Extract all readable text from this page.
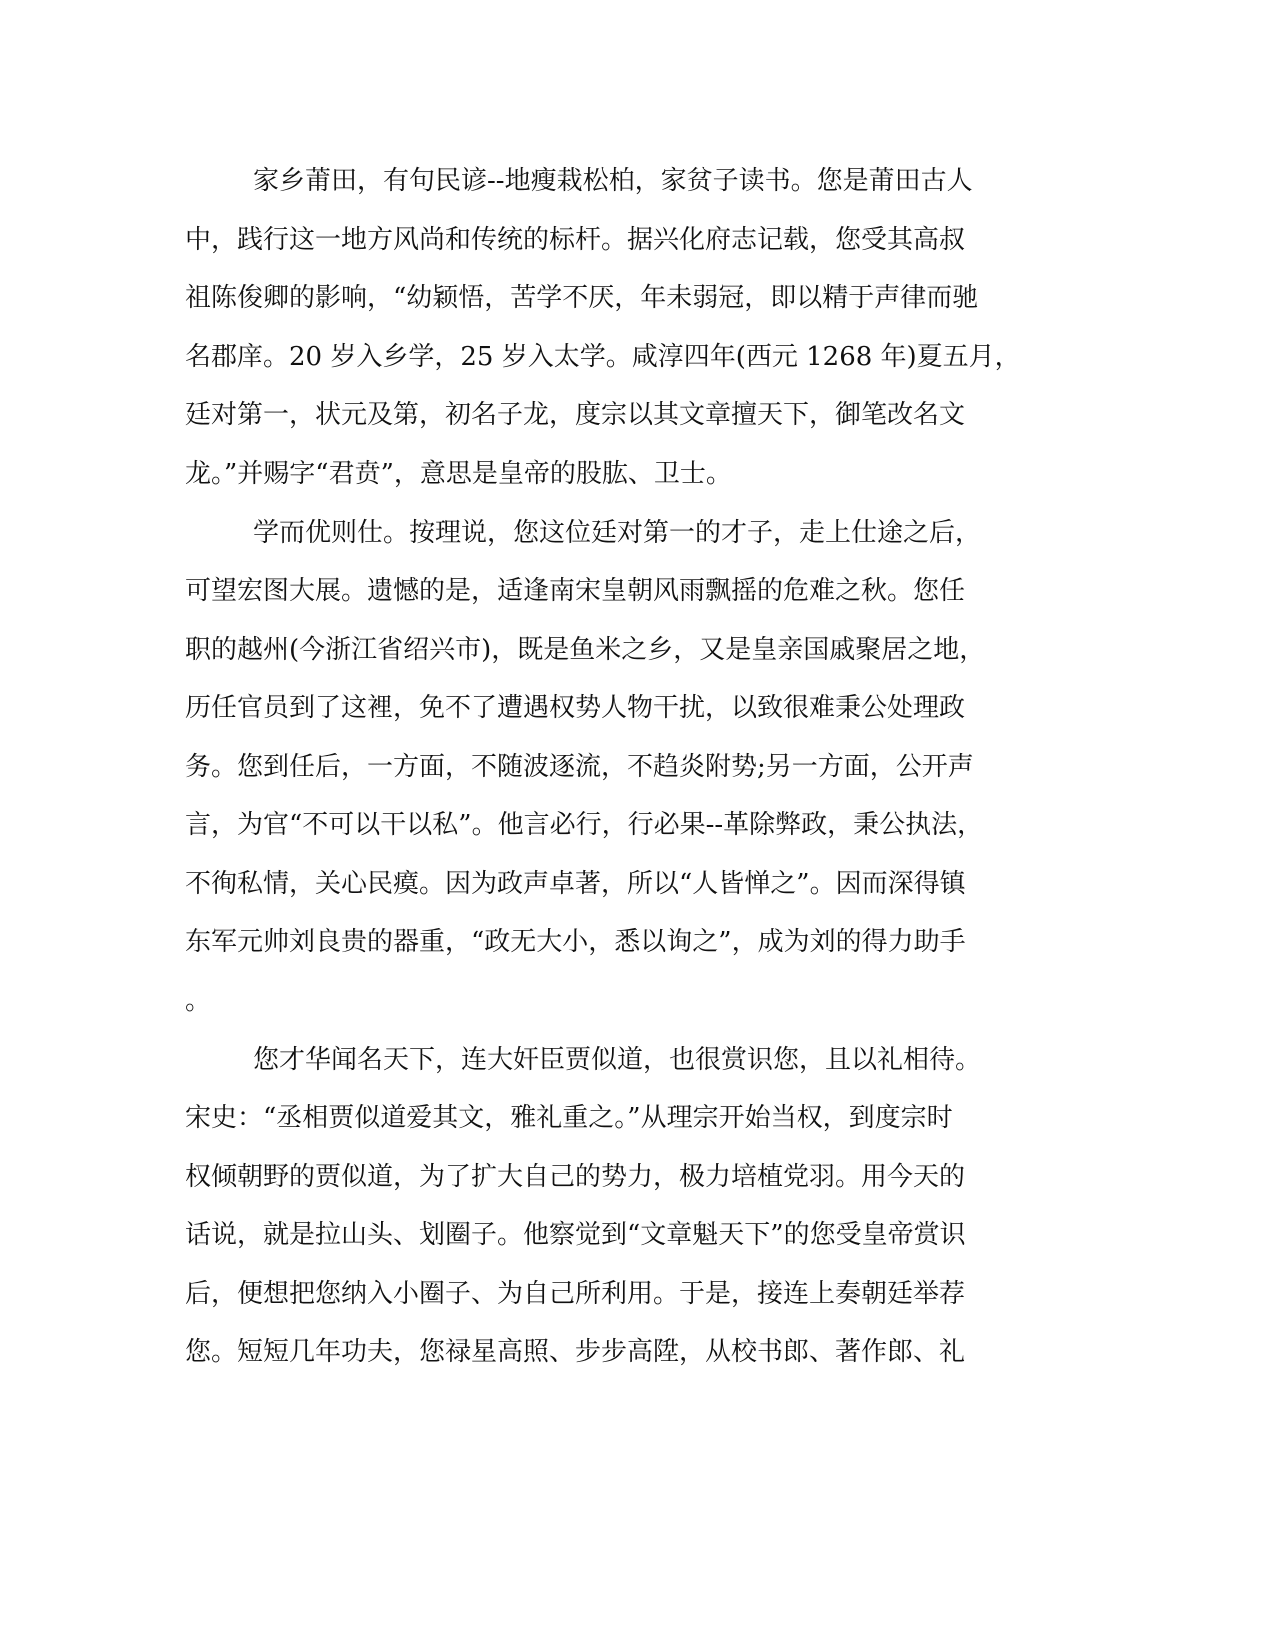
家乡莆田，有句民谚--地瘦栽松柏，家贫子读书。您是莆田古人
中，践行这一地方风尚和传统的标杆。据兴化府志记载，您受其高叔
祖陈俊卿的影响，“幼颖悟，苦学不厌，年未弱冠，即以精于声律而驰
名郡庠。20 岁入乡学，25 岁入太学。咸淳四年(西元 1268 年)夏五月，
廷对第一，状元及第，初名子龙，度宗以其文章擅天下，御笔改名文
龙。”并赐字“君贲”，意思是皇帝的股肱、卫士。
学而优则仕。按理说，您这位廷对第一的才子，走上仕途之后，
可望宏图大展。遗憾的是，适逢南宋皇朝风雨飘摇的危难之秋。您任
职的越州(今浙江省绍兴市)，既是鱼米之乡，又是皇亲国戚聚居之地，
历任官员到了这裡，免不了遭遇权势人物干扰，以致很难秉公处理政
务。您到任后，一方面，不随波逐流，不趋炎附势;另一方面，公开声
言，为官“不可以干以私”。他言必行，行必果--革除弊政，秉公执法，
不徇私情，关心民瘼。因为政声卓著，所以“人皆惮之”。因而深得镇
东军元帅刘良贵的器重，“政无大小，悉以询之”，成为刘的得力助手
。
您才华闻名天下，连大奸臣贾似道，也很赏识您，且以礼相待。
宋史：“丞相贾似道爱其文，雅礼重之。”从理宗开始当权，到度宗时
权倾朝野的贾似道，为了扩大自己的势力，极力培植党羽。用今天的
话说，就是拉山头、划圈子。他察觉到“文章魁天下”的您受皇帝赏识
后，便想把您纳入小圈子、为自己所利用。于是，接连上奏朝廷举荐
您。短短几年功夫，您禄星高照、步步高陞，从校书郎、著作郎、礼
